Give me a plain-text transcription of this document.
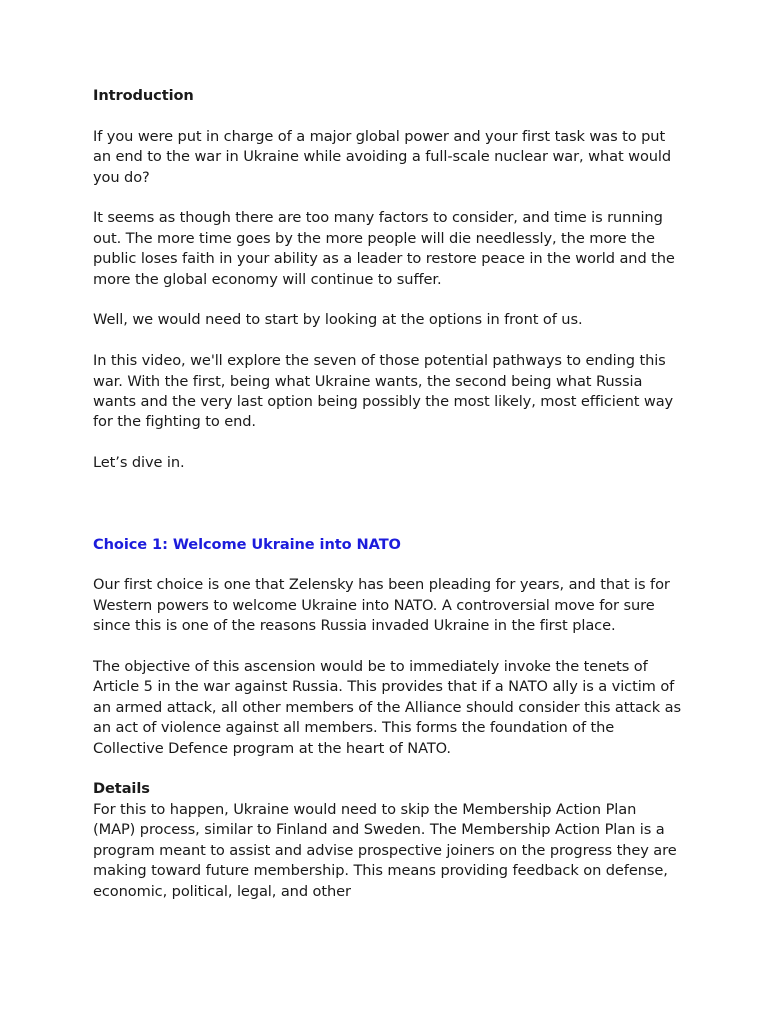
Introduction

If you were put in charge of a major global power and your first task was to put an end to the war in Ukraine while avoiding a full-scale nuclear war, what would you do?

It seems as though there are too many factors to consider, and time is running out. The more time goes by the more people will die needlessly, the more the public loses faith in your ability as a leader to restore peace in the world and the more the global economy will continue to suffer.

Well, we would need to start by looking at the options in front of us.

In this video, we'll explore the seven of those potential pathways to ending this war. With the first, being what Ukraine wants, the second being what Russia wants and the very last option being possibly the most likely, most efficient way for the fighting to end.

Let’s dive in.

Choice 1: Welcome Ukraine into NATO

Our first choice is one that Zelensky has been pleading for years, and that is for Western powers to welcome Ukraine into NATO. A controversial move for sure since this is one of the reasons Russia invaded Ukraine in the first place.

The objective of this ascension would be to immediately invoke the tenets of Article 5 in the war against Russia. This provides that if a NATO ally is a victim of an armed attack, all other members of the Alliance should consider this attack as an act of violence against all members. This forms the foundation of the Collective Defence program at the heart of NATO.

Details

For this to happen, Ukraine would need to skip the Membership Action Plan (MAP) process, similar to Finland and Sweden. The Membership Action Plan is a program meant to assist and advise prospective joiners on the progress they are making toward future membership. This means providing feedback on defense, economic, political, legal, and other
